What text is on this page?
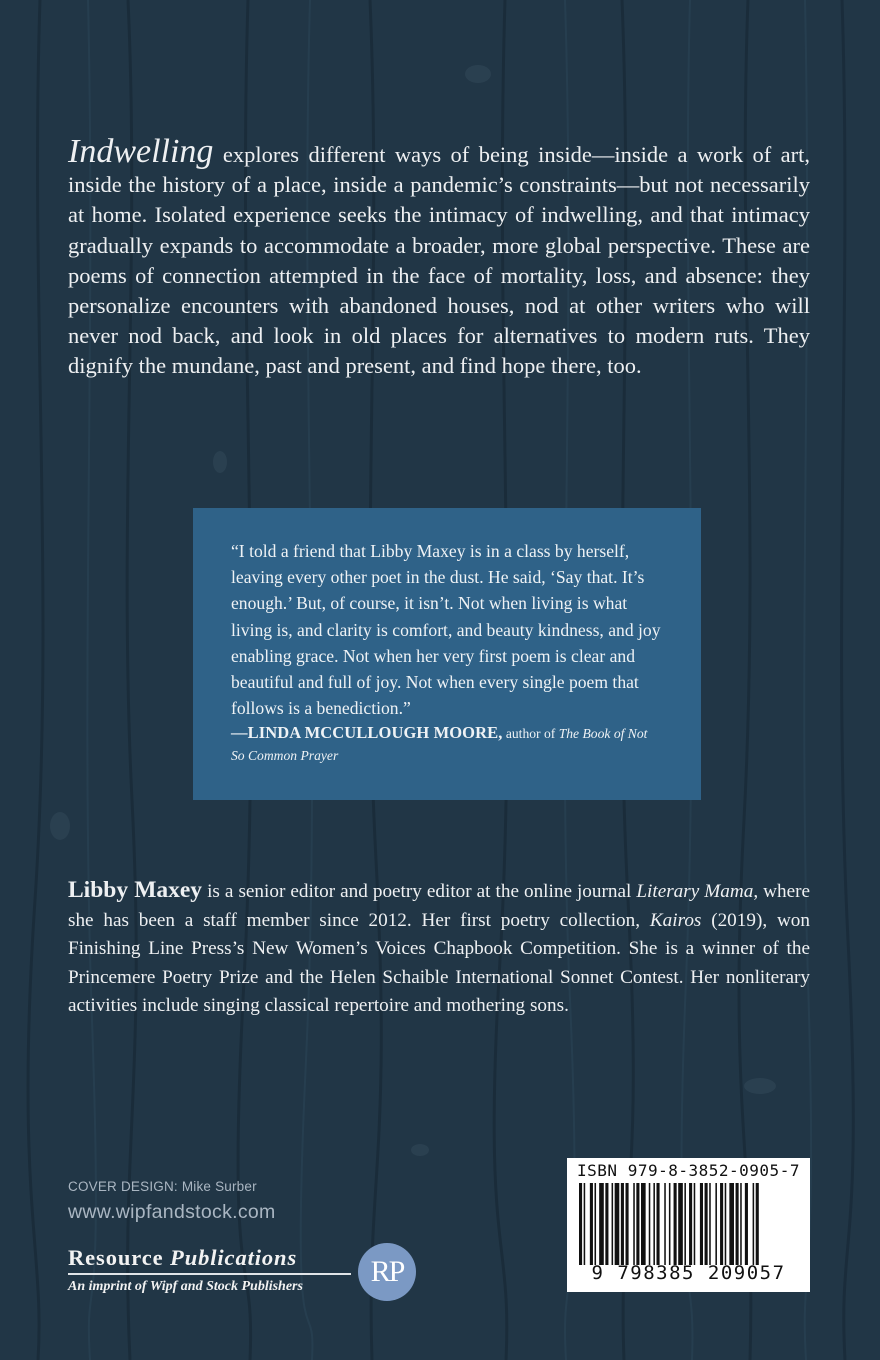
Indwelling explores different ways of being inside—inside a work of art, inside the history of a place, inside a pandemic’s constraints—but not necessarily at home. Isolated experience seeks the intimacy of indwelling, and that intimacy gradually expands to accommodate a broader, more global perspective. These are poems of connection attempted in the face of mortality, loss, and absence: they personalize encounters with abandoned houses, nod at other writers who will never nod back, and look in old places for alternatives to modern ruts. They dignify the mundane, past and present, and find hope there, too.

“I told a friend that Libby Maxey is in a class by herself, leaving every other poet in the dust. He said, ‘Say that. It’s enough.’ But, of course, it isn’t. Not when living is what living is, and clarity is comfort, and beauty kindness, and joy enabling grace. Not when her very first poem is clear and beautiful and full of joy. Not when every single poem that follows is a benediction.”

—LINDA MCCULLOUGH MOORE, author of The Book of Not So Common Prayer

Libby Maxey is a senior editor and poetry editor at the online journal Literary Mama, where she has been a staff member since 2012. Her first poetry collection, Kairos (2019), won Finishing Line Press’s New Women’s Voices Chapbook Competition. She is a winner of the Princemere Poetry Prize and the Helen Schaible International Sonnet Contest. Her nonliterary activities include singing classical repertoire and mothering sons.

COVER DESIGN: Mike Surber
www.wipfandstock.com
Resource Publications
An imprint of Wipf and Stock Publishers	RP
ISBN 979-8-3852-0905-7
9 798385 209057
